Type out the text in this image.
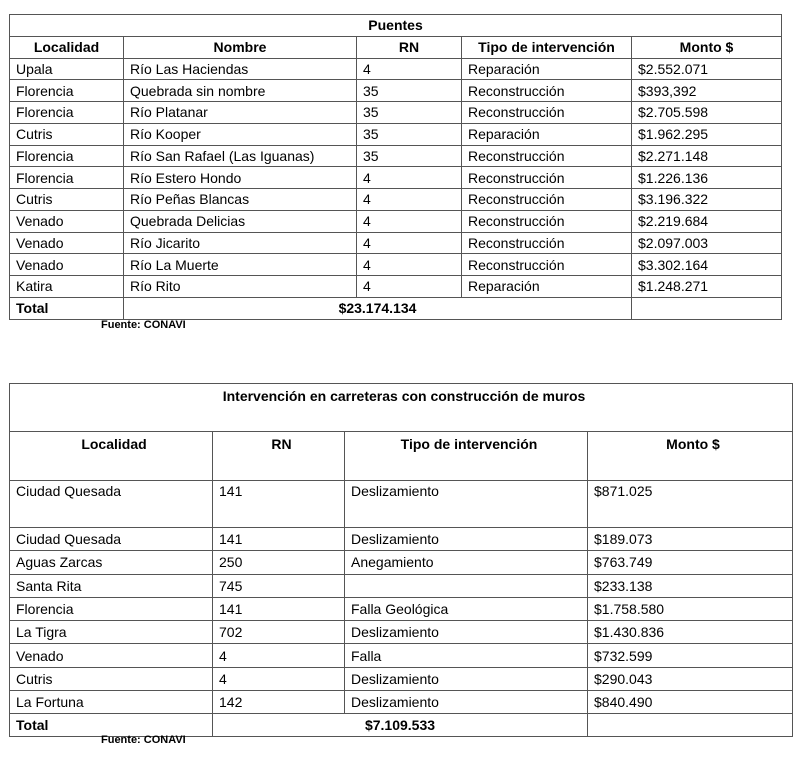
Puentes				
Localidad	Nombre	RN	Tipo de intervención	Monto $
Upala	Río Las Haciendas	4	Reparación	$2.552.071
Florencia	Quebrada sin nombre	35	Reconstrucción	$393,392
Florencia	Río Platanar	35	Reconstrucción	$2.705.598
Cutris	Río Kooper	35	Reparación	$1.962.295
Florencia	Río San Rafael (Las Iguanas)	35	Reconstrucción	$2.271.148
Florencia	Río Estero Hondo	4	Reconstrucción	$1.226.136
Cutris	Río Peñas Blancas	4	Reconstrucción	$3.196.322
Venado	Quebrada Delicias	4	Reconstrucción	$2.219.684
Venado	Río Jicarito	4	Reconstrucción	$2.097.003
Venado	Río La Muerte	4	Reconstrucción	$3.302.164
Katira	Río Rito	4	Reparación	$1.248.271
Total	$23.174.134			
Fuente: CONAVI
Intervención en carreteras con construcción de muros			
Localidad	RN	Tipo de intervención	Monto $
Ciudad Quesada	141	Deslizamiento	$871.025
Ciudad Quesada	141	Deslizamiento	$189.073
Aguas Zarcas	250	Anegamiento	$763.749
Santa Rita	745		$233.138
Florencia	141	Falla Geológica	$1.758.580
La Tigra	702	Deslizamiento	$1.430.836
Venado	4	Falla	$732.599
Cutris	4	Deslizamiento	$290.043
La Fortuna	142	Deslizamiento	$840.490
Total	$7.109.533		
Fuente: CONAVI
